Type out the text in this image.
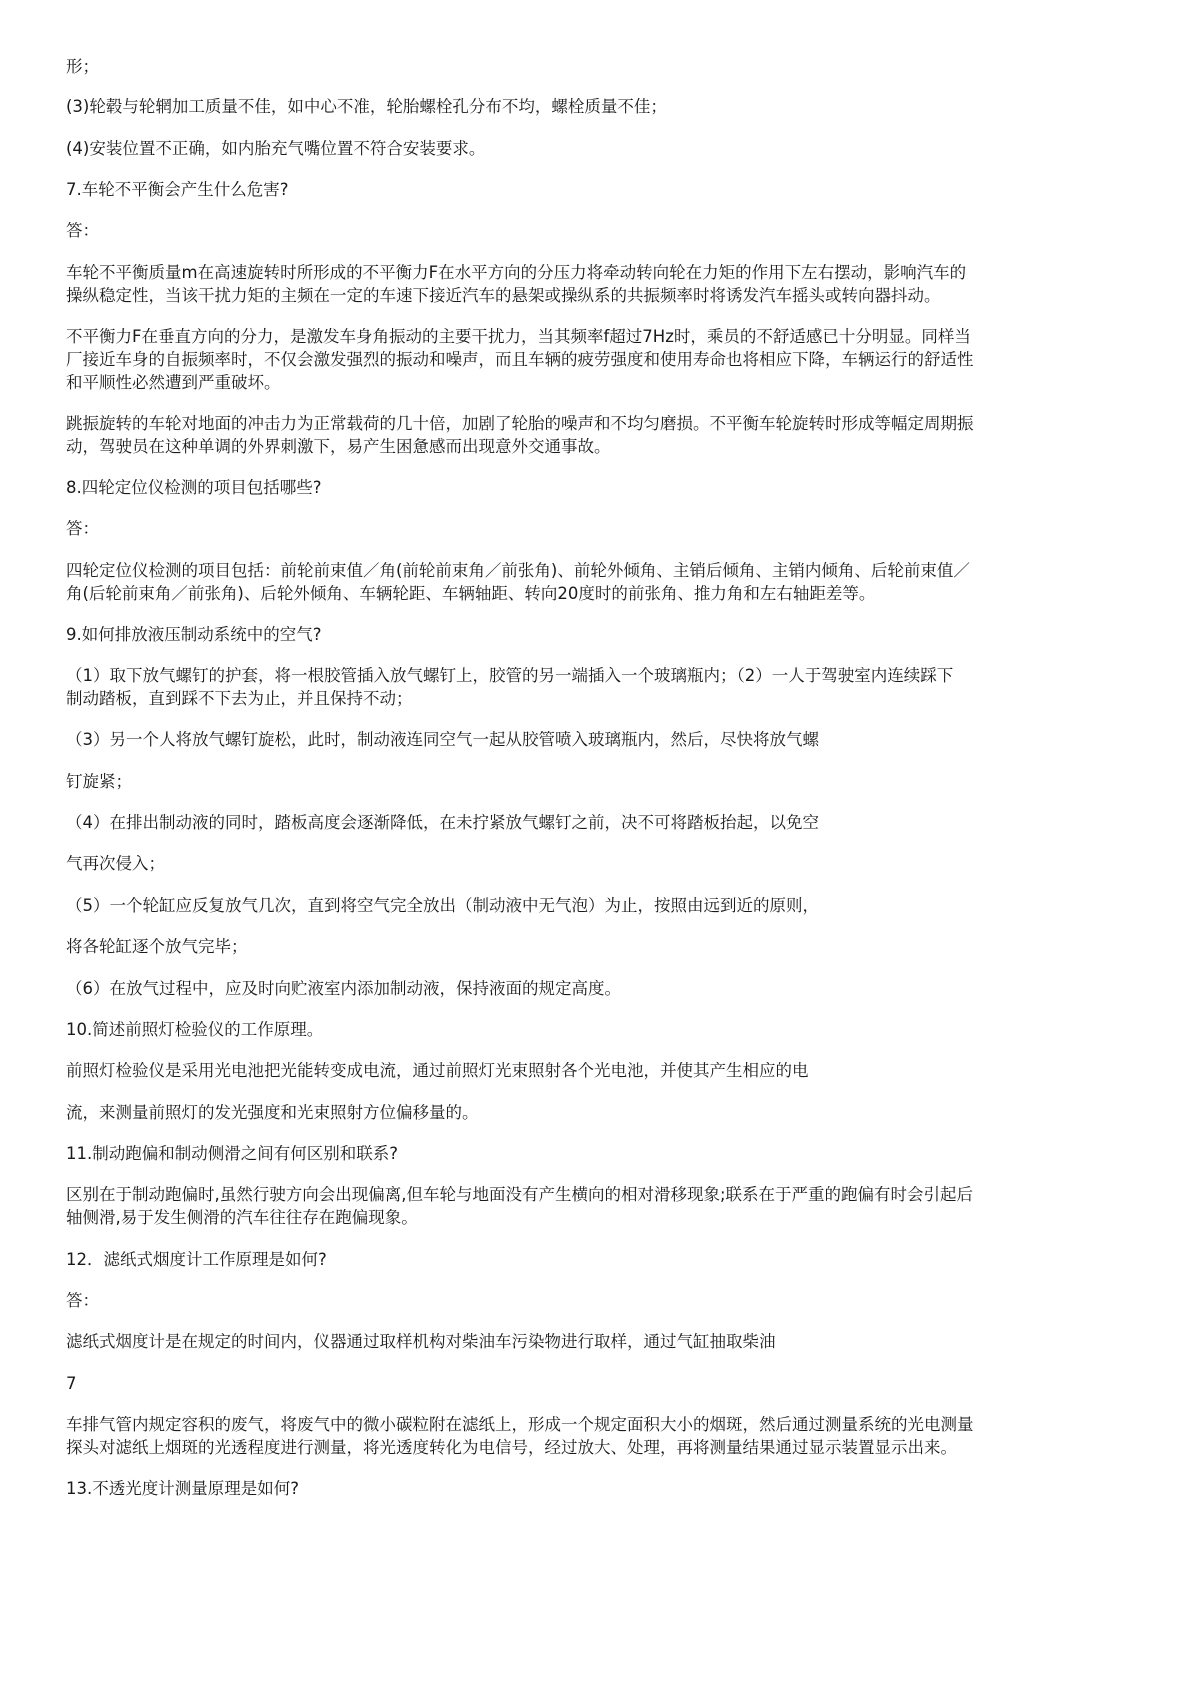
形；
(3)轮毂与轮辋加工质量不佳，如中心不准，轮胎螺栓孔分布不均，螺栓质量不佳；
(4)安装位置不正确，如内胎充气嘴位置不符合安装要求。
7.车轮不平衡会产生什么危害?
答：
车轮不平衡质量m在高速旋转时所形成的不平衡力F在水平方向的分压力将牵动转向轮在力矩的作用下左右摆动，影响汽车的
操纵稳定性，当该干扰力矩的主频在一定的车速下接近汽车的悬架或操纵系的共振频率时将诱发汽车摇头或转向器抖动。
不平衡力F在垂直方向的分力，是激发车身角振动的主要干扰力，当其频率f超过7Hz时，乘员的不舒适感已十分明显。同样当
厂接近车身的自振频率时，不仅会激发强烈的振动和噪声，而且车辆的疲劳强度和使用寿命也将相应下降，车辆运行的舒适性
和平顺性必然遭到严重破坏。
跳振旋转的车轮对地面的冲击力为正常载荷的几十倍，加剧了轮胎的噪声和不均匀磨损。不平衡车轮旋转时形成等幅定周期振
动，驾驶员在这种单调的外界刺激下，易产生困惫感而出现意外交通事故。
8.四轮定位仪检测的项目包括哪些?
答：
四轮定位仪检测的项目包括：前轮前束值／角(前轮前束角／前张角)、前轮外倾角、主销后倾角、主销内倾角、后轮前束值／
角(后轮前束角／前张角)、后轮外倾角、车辆轮距、车辆轴距、转向20度时的前张角、推力角和左右轴距差等。
9.如何排放液压制动系统中的空气?
（1）取下放气螺钉的护套，将一根胶管插入放气螺钉上，胶管的另一端插入一个玻璃瓶内；（2）一人于驾驶室内连续踩下
制动踏板，直到踩不下去为止，并且保持不动；
（3）另一个人将放气螺钉旋松，此时，制动液连同空气一起从胶管喷入玻璃瓶内，然后，尽快将放气螺
钉旋紧；
（4）在排出制动液的同时，踏板高度会逐渐降低，在未拧紧放气螺钉之前，决不可将踏板抬起，以免空
气再次侵入；
（5）一个轮缸应反复放气几次，直到将空气完全放出（制动液中无气泡）为止，按照由远到近的原则，
将各轮缸逐个放气完毕；
（6）在放气过程中，应及时向贮液室内添加制动液，保持液面的规定高度。
10.简述前照灯检验仪的工作原理。
前照灯检验仪是采用光电池把光能转变成电流，通过前照灯光束照射各个光电池，并使其产生相应的电
流，来测量前照灯的发光强度和光束照射方位偏移量的。
11.制动跑偏和制动侧滑之间有何区别和联系?
区别在于制动跑偏时,虽然行驶方向会出现偏离,但车轮与地面没有产生横向的相对滑移现象;联系在于严重的跑偏有时会引起后
轴侧滑,易于发生侧滑的汽车往往存在跑偏现象。
12．滤纸式烟度计工作原理是如何?
答：
滤纸式烟度计是在规定的时间内，仪器通过取样机构对柴油车污染物进行取样，通过气缸抽取柴油
7
车排气管内规定容积的废气，将废气中的微小碳粒附在滤纸上，形成一个规定面积大小的烟斑，然后通过测量系统的光电测量
探头对滤纸上烟斑的光透程度进行测量，将光透度转化为电信号，经过放大、处理，再将测量结果通过显示装置显示出来。
13.不透光度计测量原理是如何?
